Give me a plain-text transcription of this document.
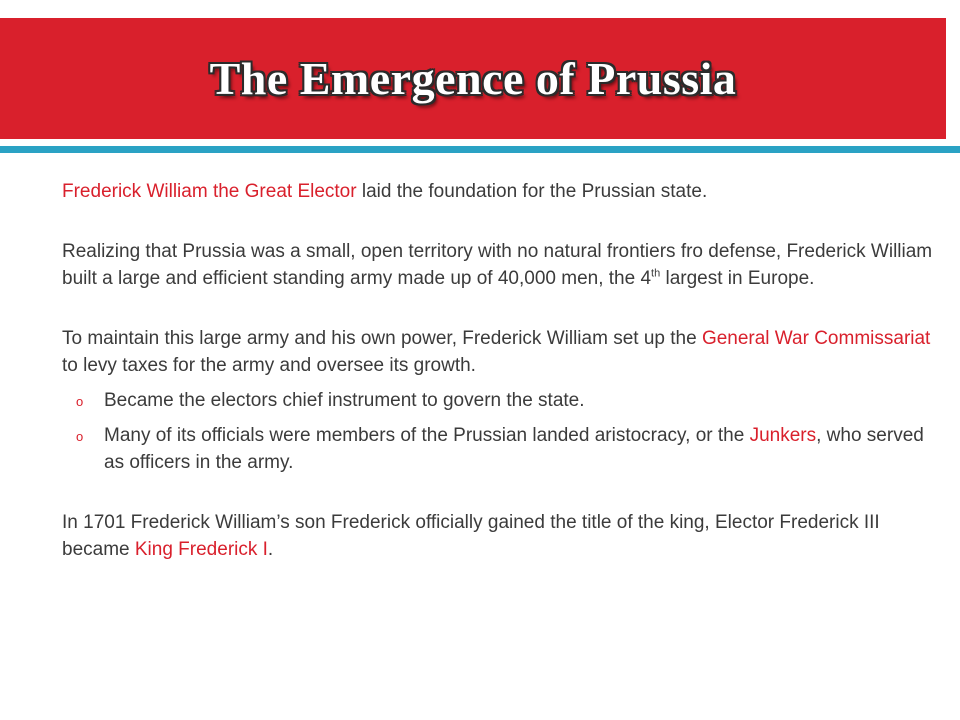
The Emergence of Prussia
Frederick William the Great Elector laid the foundation for the Prussian state.
Realizing that Prussia was a small, open territory with no natural frontiers fro defense, Frederick William built a large and efficient standing army made up of 40,000 men, the 4th largest in Europe.
To maintain this large army and his own power, Frederick William set up the General War Commissariat to levy taxes for the army and oversee its growth.
o Became the electors chief instrument to govern the state.
o Many of its officials were members of the Prussian landed aristocracy, or the Junkers, who served as officers in the army.
In 1701 Frederick William’s son Frederick officially gained the title of the king, Elector Frederick III became King Frederick I.
